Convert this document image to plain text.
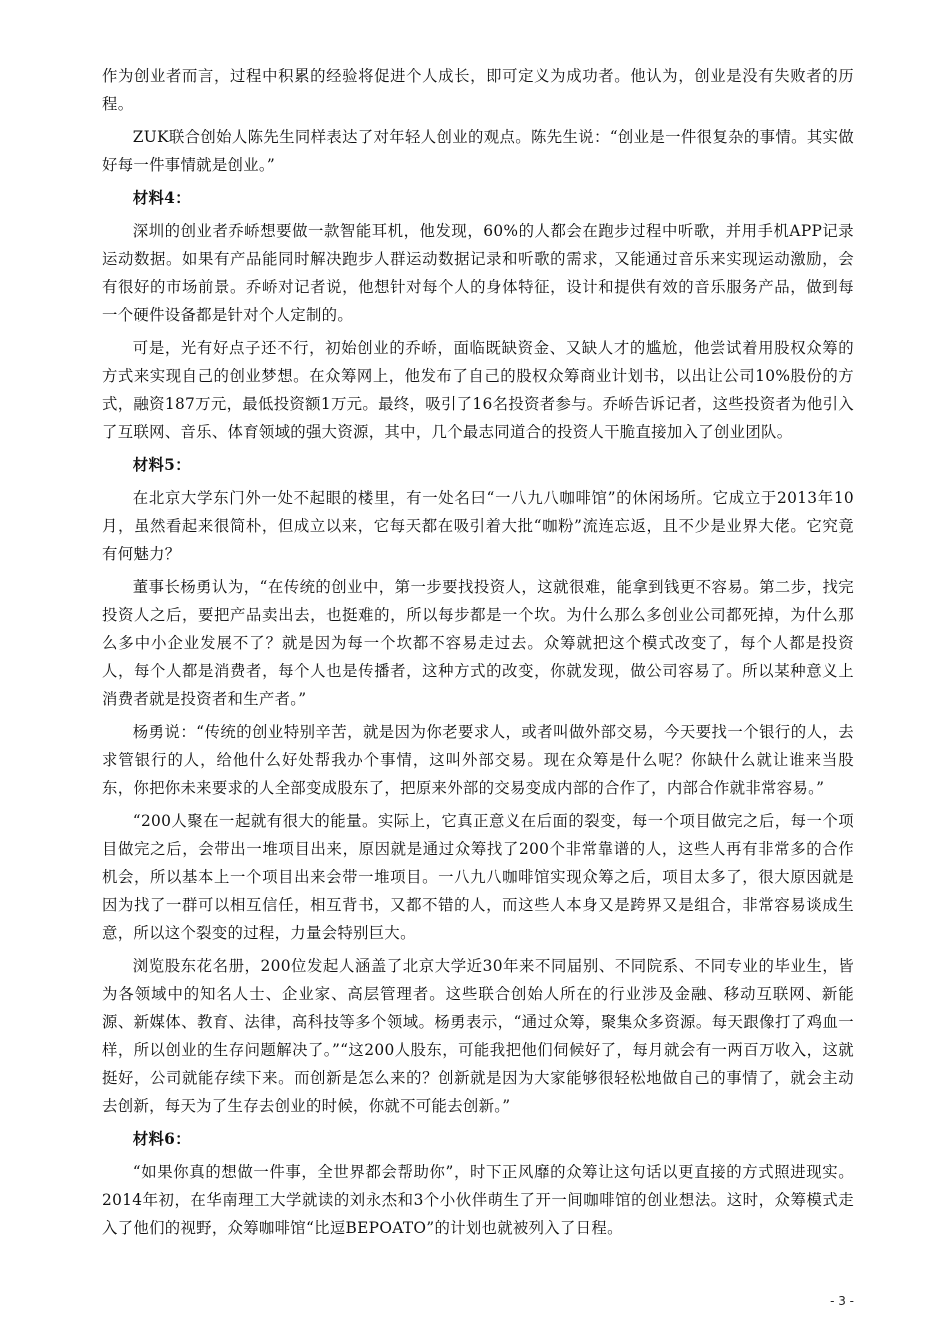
作为创业者而言，过程中积累的经验将促进个人成长，即可定义为成功者。他认为，创业是没有失败者的历程。

ZUK联合创始人陈先生同样表达了对年轻人创业的观点。陈先生说：“创业是一件很复杂的事情。其实做好每一件事情就是创业。”

材料4：

深圳的创业者乔峤想要做一款智能耳机，他发现，60%的人都会在跑步过程中听歌，并用手机APP记录运动数据。如果有产品能同时解决跑步人群运动数据记录和听歌的需求，又能通过音乐来实现运动激励，会有很好的市场前景。乔峤对记者说，他想针对每个人的身体特征，设计和提供有效的音乐服务产品，做到每一个硬件设备都是针对个人定制的。

可是，光有好点子还不行，初始创业的乔峤，面临既缺资金、又缺人才的尴尬，他尝试着用股权众筹的方式来实现自己的创业梦想。在众筹网上，他发布了自己的股权众筹商业计划书，以出让公司10%股份的方式，融资187万元，最低投资额1万元。最终，吸引了16名投资者参与。乔峤告诉记者，这些投资者为他引入了互联网、音乐、体育领域的强大资源，其中，几个最志同道合的投资人干脆直接加入了创业团队。

材料5：

在北京大学东门外一处不起眼的楼里，有一处名曰“一八九八咖啡馆”的休闲场所。它成立于2013年10月，虽然看起来很简朴，但成立以来，它每天都在吸引着大批“咖粉”流连忘返，且不少是业界大佬。它究竟有何魅力？

董事长杨勇认为，“在传统的创业中，第一步要找投资人，这就很难，能拿到钱更不容易。第二步，找完投资人之后，要把产品卖出去，也挺难的，所以每步都是一个坎。为什么那么多创业公司都死掉，为什么那么多中小企业发展不了？就是因为每一个坎都不容易走过去。众筹就把这个模式改变了，每个人都是投资人，每个人都是消费者，每个人也是传播者，这种方式的改变，你就发现，做公司容易了。所以某种意义上消费者就是投资者和生产者。”

杨勇说：“传统的创业特别辛苦，就是因为你老要求人，或者叫做外部交易，今天要找一个银行的人，去求管银行的人，给他什么好处帮我办个事情，这叫外部交易。现在众筹是什么呢？你缺什么就让谁来当股东，你把你未来要求的人全部变成股东了，把原来外部的交易变成内部的合作了，内部合作就非常容易。”

“200人聚在一起就有很大的能量。实际上，它真正意义在后面的裂变，每一个项目做完之后，每一个项目做完之后，会带出一堆项目出来，原因就是通过众筹找了200个非常靠谱的人，这些人再有非常多的合作机会，所以基本上一个项目出来会带一堆项目。一八九八咖啡馆实现众筹之后，项目太多了，很大原因就是因为找了一群可以相互信任，相互背书，又都不错的人，而这些人本身又是跨界又是组合，非常容易谈成生意，所以这个裂变的过程，力量会特别巨大。

浏览股东花名册，200位发起人涵盖了北京大学近30年来不同届别、不同院系、不同专业的毕业生，皆为各领域中的知名人士、企业家、高层管理者。这些联合创始人所在的行业涉及金融、移动互联网、新能源、新媒体、教育、法律，高科技等多个领域。杨勇表示，“通过众筹，聚集众多资源。每天跟像打了鸡血一样，所以创业的生存问题解决了。”“这200人股东，可能我把他们伺候好了，每月就会有一两百万收入，这就挺好，公司就能存续下来。而创新是怎么来的？创新就是因为大家能够很轻松地做自己的事情了，就会主动去创新，每天为了生存去创业的时候，你就不可能去创新。”

材料6：

“如果你真的想做一件事，全世界都会帮助你”，时下正风靡的众筹让这句话以更直接的方式照进现实。2014年初，在华南理工大学就读的刘永杰和3个小伙伴萌生了开一间咖啡馆的创业想法。这时，众筹模式走入了他们的视野，众筹咖啡馆“比逗BEPOATO”的计划也就被列入了日程。

- 3 -
